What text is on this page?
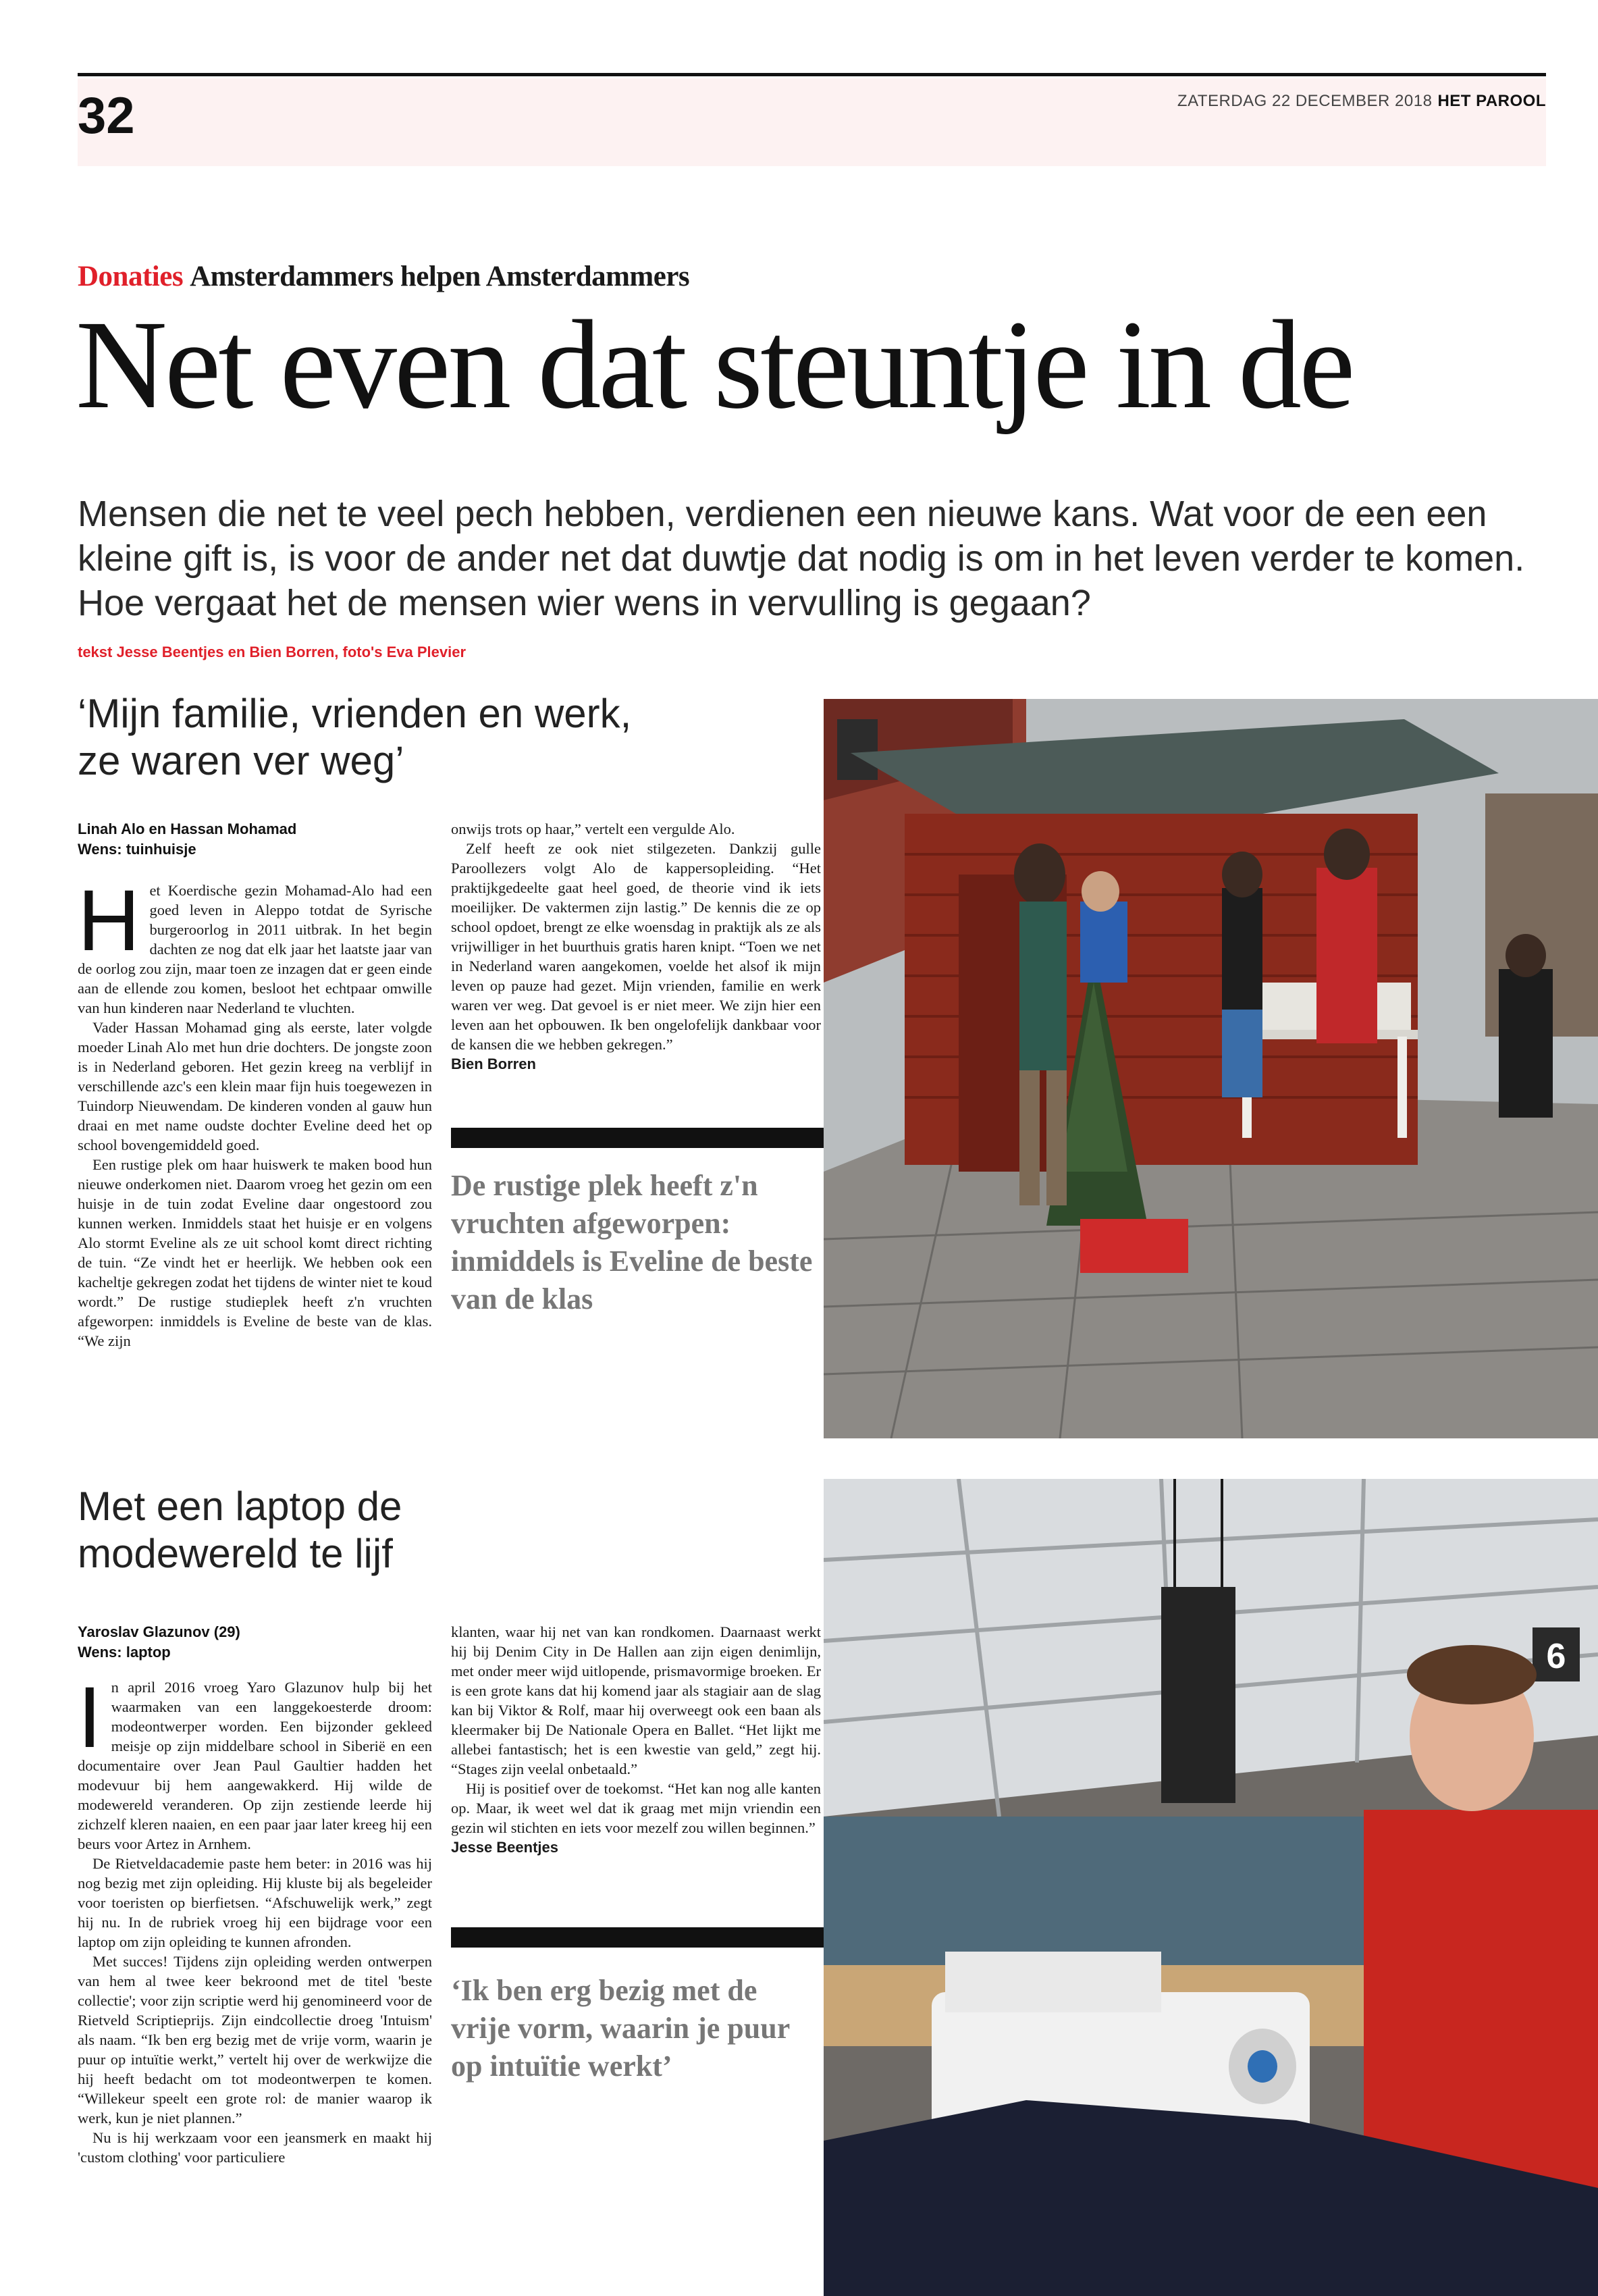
32	ZATERDAG 22 DECEMBER 2018 HET PAROOL
Donaties Amsterdammers helpen Amsterdammers
Net even dat steuntje in de
Mensen die net te veel pech hebben, verdienen een nieuwe kans. Wat voor de een een kleine gift is, is voor de ander net dat duwtje dat nodig is om in het leven verder te komen. Hoe vergaat het de mensen wier wens in vervulling is gegaan?
tekst Jesse Beentjes en Bien Borren, foto's Eva Plevier
‘Mijn familie, vrienden en werk,
ze waren ver weg’
Linah Alo en Hassan Mohamad
Wens: tuinhuisje
H et Koerdische gezin Mohamad-Alo had een goed leven in Aleppo totdat de Syrische burgeroorlog in 2011 uitbrak. In het begin dachten ze nog dat elk jaar het laatste jaar van de oorlog zou zijn, maar toen ze inzagen dat er geen einde aan de ellende zou komen, besloot het echtpaar omwille van hun kinderen naar Nederland te vluchten.

Vader Hassan Mohamad ging als eerste, later volgde moeder Linah Alo met hun drie dochters. De jongste zoon is in Nederland geboren. Het gezin kreeg na verblijf in verschillende azc's een klein maar fijn huis toegewezen in Tuindorp Nieuwendam. De kinderen vonden al gauw hun draai en met name oudste dochter Eveline deed het op school bovengemiddeld goed.

Een rustige plek om haar huiswerk te maken bood hun nieuwe onderkomen niet. Daarom vroeg het gezin om een huisje in de tuin zodat Eveline daar ongestoord zou kunnen werken. Inmiddels staat het huisje er en volgens Alo stormt Eveline als ze uit school komt direct richting de tuin. “Ze vindt het er heerlijk. We hebben ook een kacheltje gekregen zodat het tijdens de winter niet te koud wordt.” De rustige studieplek heeft z'n vruchten afgeworpen: inmiddels is Eveline de beste van de klas. “We zijn

onwijs trots op haar,” vertelt een vergulde Alo.

Zelf heeft ze ook niet stilgezeten. Dankzij gulle Paroollezers volgt Alo de kappersopleiding. “Het praktijkgedeelte gaat heel goed, de theorie vind ik iets moeilijker. De vaktermen zijn lastig.” De kennis die ze op school opdoet, brengt ze elke woensdag in praktijk als ze als vrijwilliger in het buurthuis gratis haren knipt. “Toen we net in Nederland waren aangekomen, voelde het alsof ik mijn leven op pauze had gezet. Mijn vrienden, familie en werk waren ver weg. Dat gevoel is er niet meer. We zijn hier een leven aan het opbouwen. Ik ben ongelofelijk dankbaar voor de kansen die we hebben gekregen.”

Bien Borren
De rustige plek heeft z'n vruchten afgeworpen: inmiddels is Eveline de beste van de klas
Met een laptop de
modewereld te lijf
Yaroslav Glazunov (29)
Wens: laptop
I n april 2016 vroeg Yaro Glazunov hulp bij het waarmaken van een langgekoesterde droom: modeontwerper worden. Een bijzonder gekleed meisje op zijn middelbare school in Siberië en een documentaire over Jean Paul Gaultier hadden het modevuur bij hem aangewakkerd. Hij wilde de modewereld veranderen. Op zijn zestiende leerde hij zichzelf kleren naaien, en een paar jaar later kreeg hij een beurs voor Artez in Arnhem.

De Rietveldacademie paste hem beter: in 2016 was hij nog bezig met zijn opleiding. Hij kluste bij als begeleider voor toeristen op bierfietsen. “Afschuwelijk werk,” zegt hij nu. In de rubriek vroeg hij een bijdrage voor een laptop om zijn opleiding te kunnen afronden.

Met succes! Tijdens zijn opleiding werden ontwerpen van hem al twee keer bekroond met de titel 'beste collectie'; voor zijn scriptie werd hij genomineerd voor de Rietveld Scriptieprijs. Zijn eindcollectie droeg 'Intuism' als naam. “Ik ben erg bezig met de vrije vorm, waarin je puur op intuïtie werkt,” vertelt hij over de werkwijze die hij heeft bedacht om tot modeontwerpen te komen. “Willekeur speelt een grote rol: de manier waarop ik werk, kun je niet plannen.”

Nu is hij werkzaam voor een jeansmerk en maakt hij 'custom clothing' voor particuliere

klanten, waar hij net van kan rondkomen. Daarnaast werkt hij bij Denim City in De Hallen aan zijn eigen denimlijn, met onder meer wijd uitlopende, prismavormige broeken. Er is een grote kans dat hij komend jaar als stagiair aan de slag kan bij Viktor & Rolf, maar hij overweegt ook een baan als kleermaker bij De Nationale Opera en Ballet. “Het lijkt me allebei fantastisch; het is een kwestie van geld,” zegt hij. “Stages zijn veelal onbetaald.”

Hij is positief over de toekomst. “Het kan nog alle kanten op. Maar, ik weet wel dat ik graag met mijn vriendin een gezin wil stichten en iets voor mezelf zou willen beginnen.”

Jesse Beentjes
‘Ik ben erg bezig met de vrije vorm, waarin je puur op intuïtie werkt’
6
